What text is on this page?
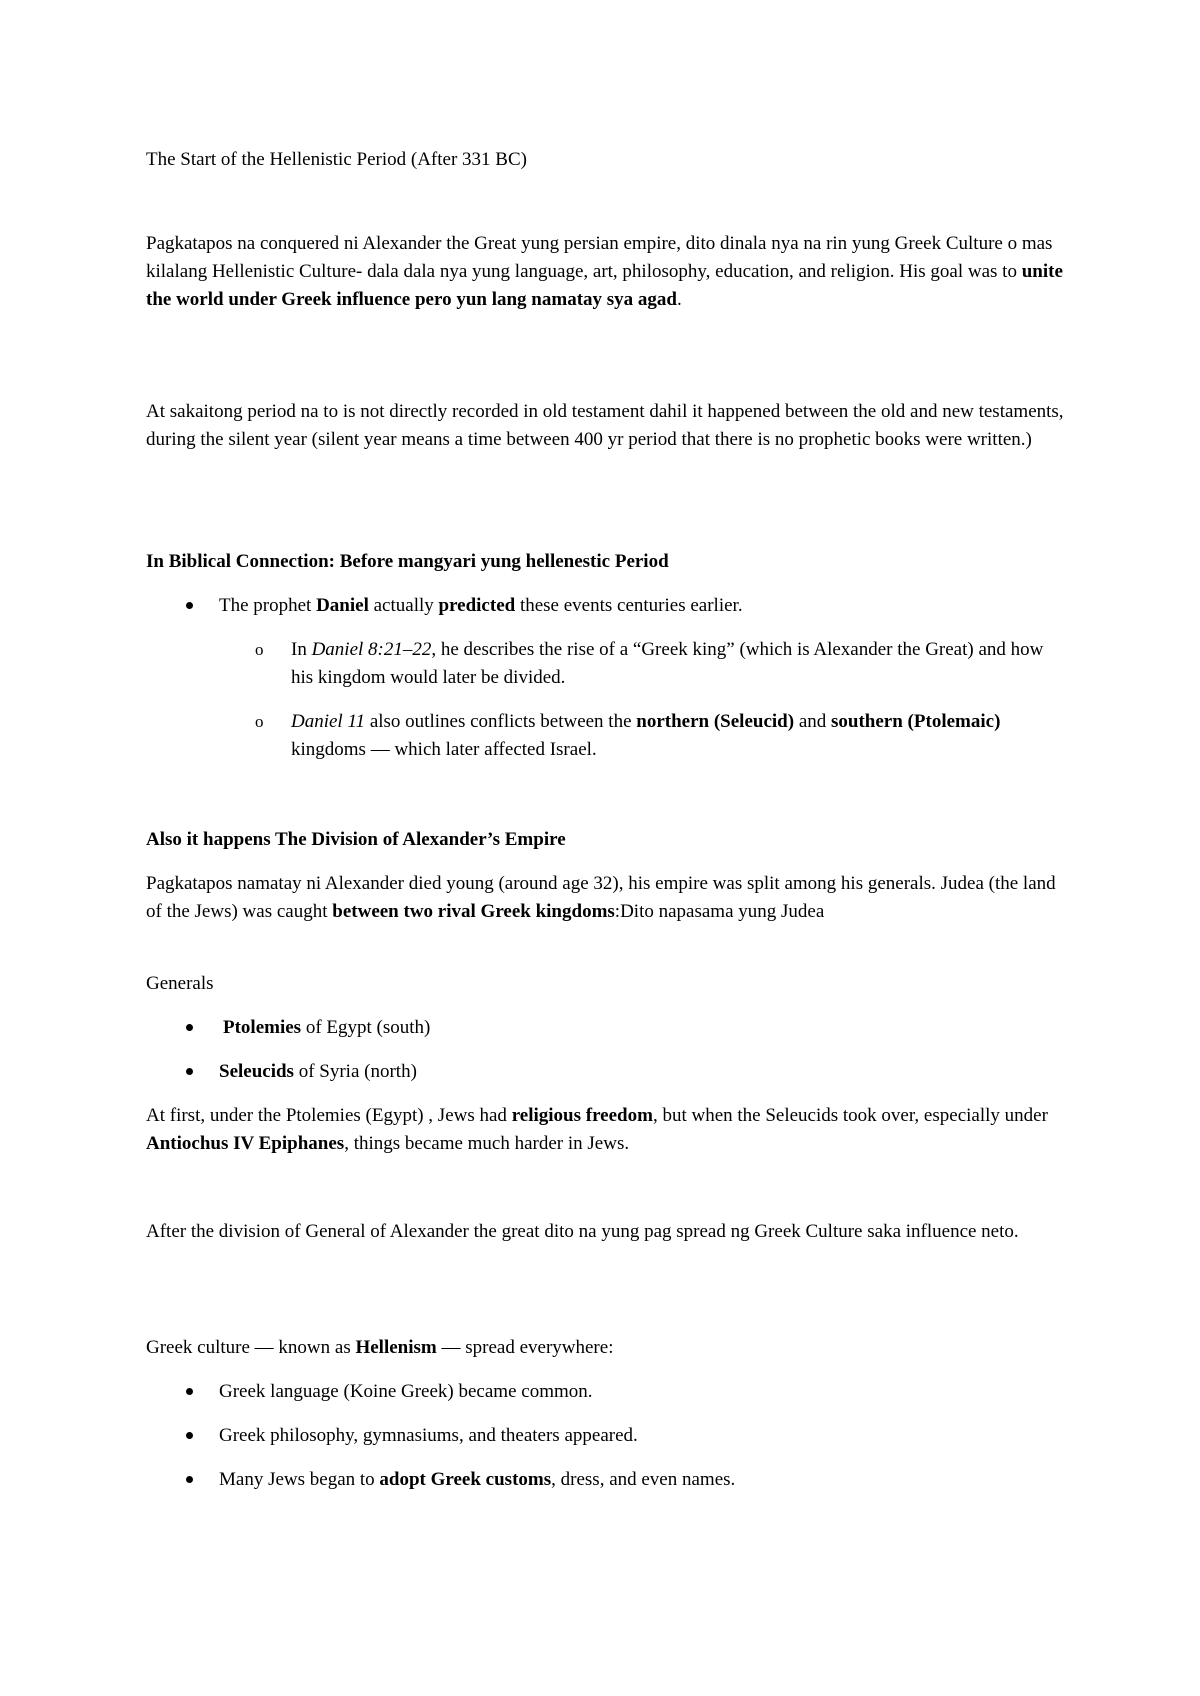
The Start of the Hellenistic Period (After 331 BC)

Pagkatapos na conquered ni Alexander the Great yung persian empire, dito dinala nya na rin yung Greek Culture o mas kilalang Hellenistic Culture- dala dala nya yung language, art, philosophy, education, and religion. His goal was to unite the world under Greek influence pero yun lang namatay sya agad.

At sakaitong period na to is not directly recorded in old testament dahil it happened between the old and new testaments, during the silent year (silent year means a time between 400 yr period that there is no prophetic books were written.)

In Biblical Connection: Before mangyari yung hellenestic Period

The prophet Daniel actually predicted these events centuries earlier.
o In Daniel 8:21–22, he describes the rise of a “Greek king” (which is Alexander the Great) and how his kingdom would later be divided.
o Daniel 11 also outlines conflicts between the northern (Seleucid) and southern (Ptolemaic) kingdoms — which later affected Israel.

Also it happens The Division of Alexander’s Empire

Pagkatapos namatay ni Alexander died young (around age 32), his empire was split among his generals. Judea (the land of the Jews) was caught between two rival Greek kingdoms:Dito napasama yung Judea

Generals

Ptolemies of Egypt (south)
Seleucids of Syria (north)

At first, under the Ptolemies (Egypt) , Jews had religious freedom, but when the Seleucids took over, especially under Antiochus IV Epiphanes, things became much harder in Jews.

After the division of General of Alexander the great dito na yung pag spread ng Greek Culture saka influence neto.

Greek culture — known as Hellenism — spread everywhere:

Greek language (Koine Greek) became common.
Greek philosophy, gymnasiums, and theaters appeared.
Many Jews began to adopt Greek customs, dress, and even names.
